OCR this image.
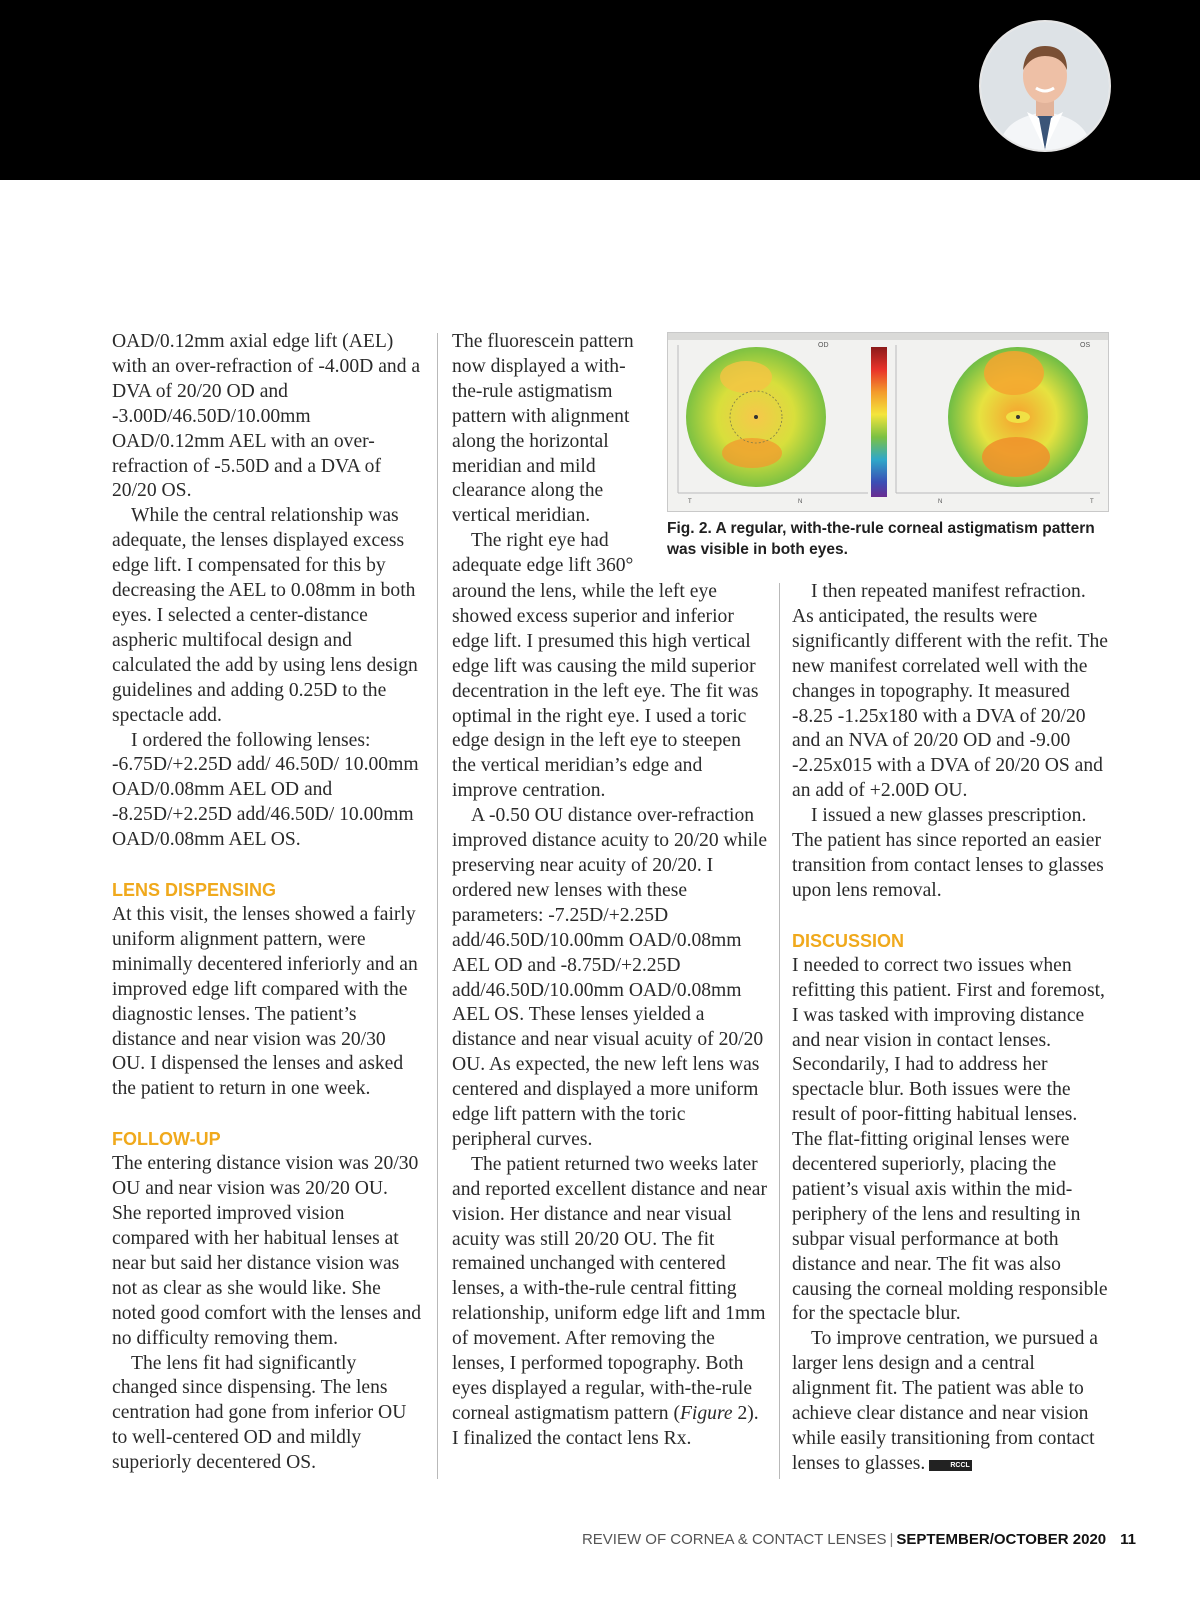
OAD/0.12mm axial edge lift (AEL) with an over-refraction of -4.00D and a DVA of 20/20 OD and -3.00D/46.50D/10.00mm OAD/0.12mm AEL with an over-refraction of -5.50D and a DVA of 20/20 OS.

While the central relationship was adequate, the lenses displayed excess edge lift. I compensated for this by decreasing the AEL to 0.08mm in both eyes. I selected a center-distance aspheric multifocal design and calculated the add by using lens design guidelines and adding 0.25D to the spectacle add.

I ordered the following lenses: -6.75D/+2.25D add/ 46.50D/ 10.00mm OAD/0.08mm AEL OD and -8.25D/+2.25D add/46.50D/ 10.00mm OAD/0.08mm AEL OS.

LENS DISPENSING

At this visit, the lenses showed a fairly uniform alignment pattern, were minimally decentered inferiorly and an improved edge lift compared with the diagnostic lenses. The patient’s distance and near vision was 20/30 OU. I dispensed the lenses and asked the patient to return in one week.

FOLLOW-UP

The entering distance vision was 20/30 OU and near vision was 20/20 OU. She reported improved vision compared with her habitual lenses at near but said her distance vision was not as clear as she would like. She noted good comfort with the lenses and no difficulty removing them.

The lens fit had significantly changed since dispensing. The lens centration had gone from inferior OU to well-centered OD and mildly superiorly decentered OS.

The fluorescein pattern now displayed a with-the-rule astigmatism pattern with alignment along the horizontal meridian and mild clearance along the vertical meridian.

The right eye had adequate edge lift 360°

around the lens, while the left eye showed excess superior and inferior edge lift. I presumed this high vertical edge lift was causing the mild superior decentration in the left eye. The fit was optimal in the right eye. I used a toric edge design in the left eye to steepen the vertical meridian’s edge and improve centration.

A -0.50 OU distance over-refraction improved distance acuity to 20/20 while preserving near acuity of 20/20. I ordered new lenses with these parameters: -7.25D/+2.25D add/46.50D/10.00mm OAD/0.08mm AEL OD and -8.75D/+2.25D add/46.50D/10.00mm OAD/0.08mm AEL OS. These lenses yielded a distance and near visual acuity of 20/20 OU. As expected, the new left lens was centered and displayed a more uniform edge lift pattern with the toric peripheral curves.

The patient returned two weeks later and reported excellent distance and near vision. Her distance and near visual acuity was still 20/20 OU. The fit remained unchanged with centered lenses, a with-the-rule central fitting relationship, uniform edge lift and 1mm of movement. After removing the lenses, I performed topography. Both eyes displayed a regular, with-the-rule corneal astigmatism pattern (Figure 2). I finalized the contact lens Rx.

I then repeated manifest refraction. As anticipated, the results were significantly different with the refit. The new manifest correlated well with the changes in topography. It measured -8.25 -1.25x180 with a DVA of 20/20 and an NVA of 20/20 OD and -9.00 -2.25x015 with a DVA of 20/20 OS and an add of +2.00D OU.

I issued a new glasses prescription. The patient has since reported an easier transition from contact lenses to glasses upon lens removal.

DISCUSSION

I needed to correct two issues when refitting this patient. First and foremost, I was tasked with improving distance and near vision in contact lenses. Secondarily, I had to address her spectacle blur. Both issues were the result of poor-fitting habitual lenses. The flat-fitting original lenses were decentered superiorly, placing the patient’s visual axis within the mid-periphery of the lens and resulting in subpar visual performance at both distance and near. The fit was also causing the corneal molding responsible for the spectacle blur.

To improve centration, we pursued a larger lens design and a central alignment fit. The patient was able to achieve clear distance and near vision while easily transitioning from contact lenses to glasses.	RCCL

OD	OS
N
T	N	T
Fig. 2. A regular, with-the-rule corneal astigmatism pattern was visible in both eyes.
REVIEW OF CORNEA & CONTACT LENSES | SEPTEMBER/OCTOBER 2020 11
